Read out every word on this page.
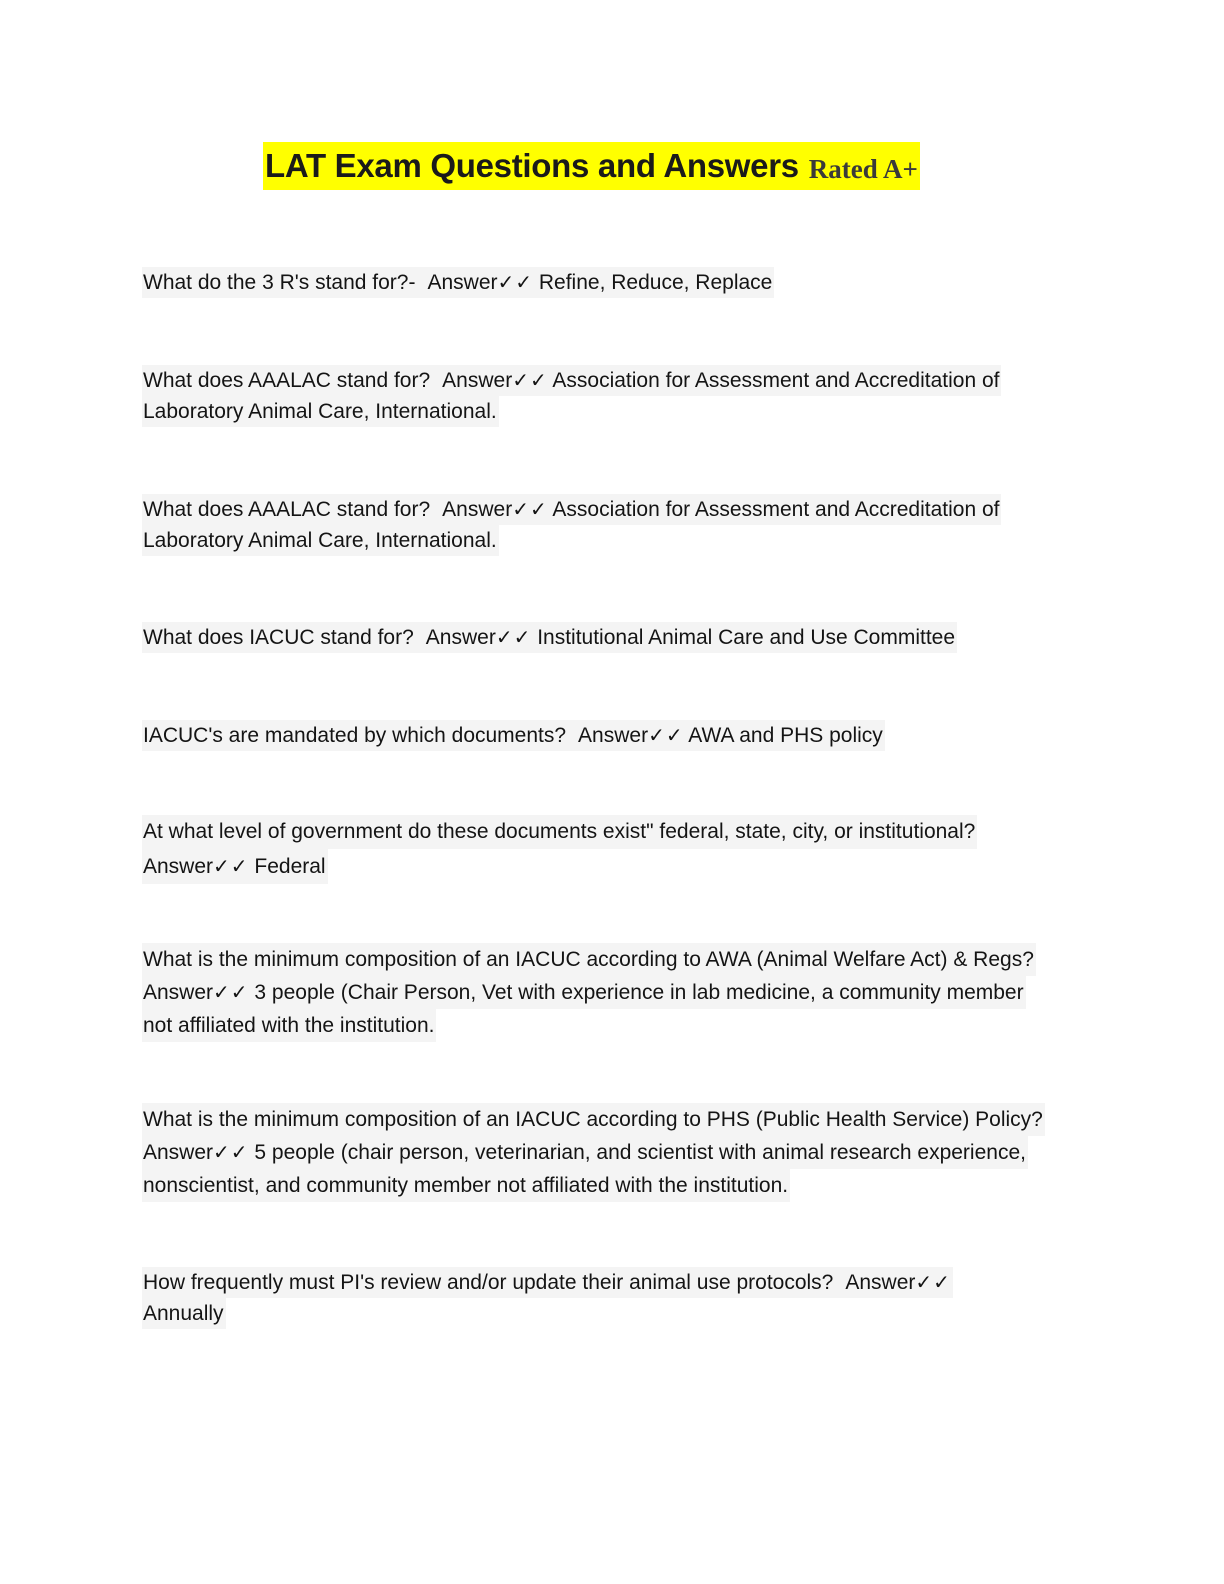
LAT Exam Questions and Answers Rated A+
What do the 3 R's stand for?- Answer✓✓ Refine, Reduce, Replace
What does AAALAC stand for? Answer✓✓ Association for Assessment and Accreditation of
Laboratory Animal Care, International.
What does AAALAC stand for? Answer✓✓ Association for Assessment and Accreditation of
Laboratory Animal Care, International.
What does IACUC stand for? Answer✓✓ Institutional Animal Care and Use Committee
IACUC's are mandated by which documents? Answer✓✓ AWA and PHS policy
At what level of government do these documents exist" federal, state, city, or institutional?
Answer✓✓ Federal
What is the minimum composition of an IACUC according to AWA (Animal Welfare Act) & Regs?
Answer✓✓ 3 people (Chair Person, Vet with experience in lab medicine, a community member
not affiliated with the institution.
What is the minimum composition of an IACUC according to PHS (Public Health Service) Policy?
Answer✓✓ 5 people (chair person, veterinarian, and scientist with animal research experience,
nonscientist, and community member not affiliated with the institution.
How frequently must PI's review and/or update their animal use protocols? Answer✓✓
Annually
